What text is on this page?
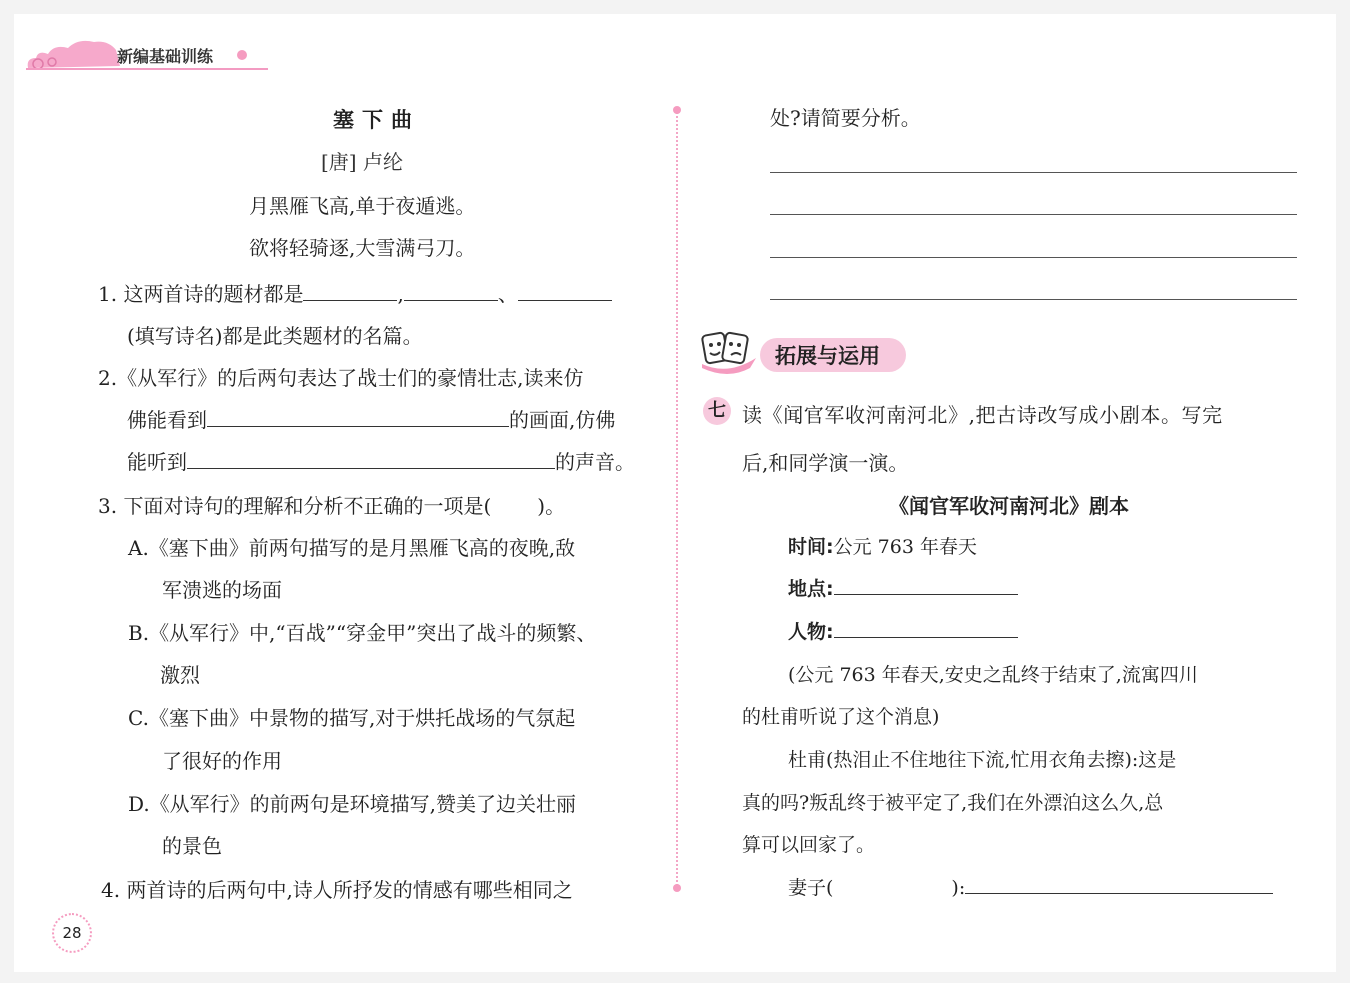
新编基础训练
塞下曲
[唐] 卢纶
月黑雁飞高,单于夜遁逃。
欲将轻骑逐,大雪满弓刀。
1. 这两首诗的题材都是	,	、
(填写诗名)都是此类题材的名篇。
2.《从军行》的后两句表达了战士们的豪情壮志,读来仿
佛能看到	的画面,仿佛
能听到	的声音。
3. 下面对诗句的理解和分析不正确的一项是( )。
A.《塞下曲》前两句描写的是月黑雁飞高的夜晚,敌
军溃逃的场面
B.《从军行》中,“百战”“穿金甲”突出了战斗的频繁、
激烈
C.《塞下曲》中景物的描写,对于烘托战场的气氛起
了很好的作用
D.《从军行》的前两句是环境描写,赞美了边关壮丽
的景色
4. 两首诗的后两句中,诗人所抒发的情感有哪些相同之
28
处?请简要分析。
拓展与运用
七 读《闻官军收河南河北》,把古诗改写成小剧本。写完
后,和同学演一演。
《闻官军收河南河北》剧本
时间:公元 763 年春天
地点:
人物:
(公元 763 年春天,安史之乱终于结束了,流寓四川
的杜甫听说了这个消息)
杜甫(热泪止不住地往下流,忙用衣角去擦):这是
真的吗?叛乱终于被平定了,我们在外漂泊这么久,总
算可以回家了。
妻子(	):
